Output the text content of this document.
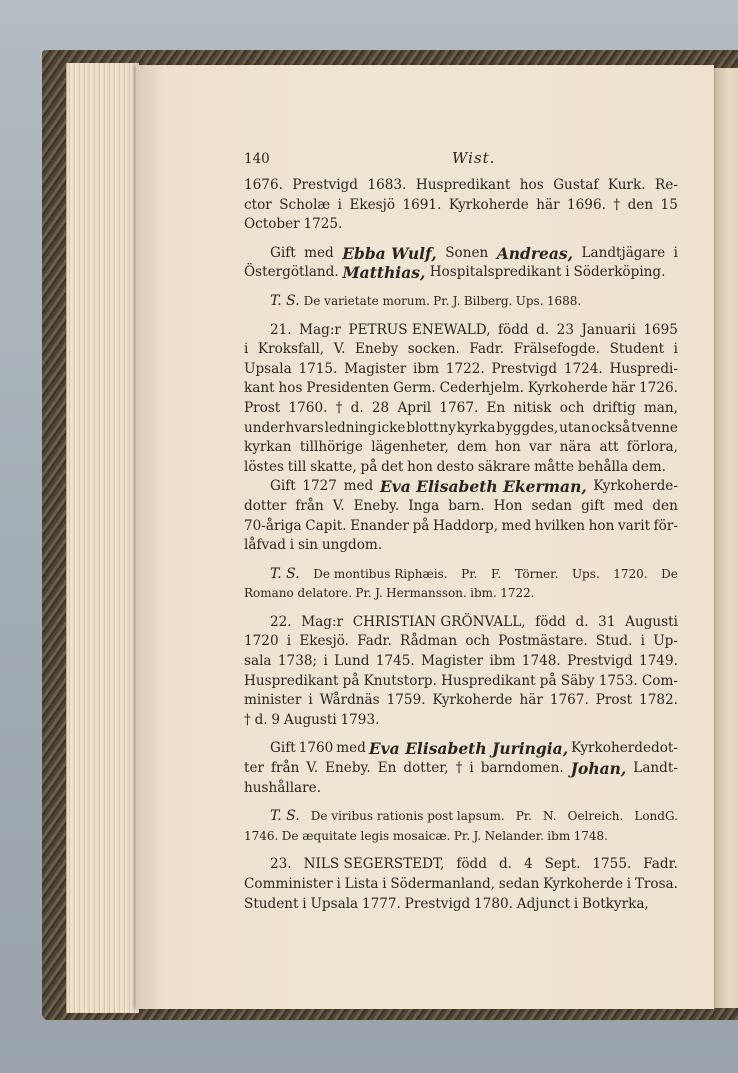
140	Wist.
1676. Prestvigd 1683. Huspredikant hos Gustaf Kurk. Re-
ctor Scholæ i Ekesjö 1691. Kyrkoherde här 1696. † den 15
October 1725.
Gift med Ebba Wulf, Sonen Andreas, Landtjägare i
Östergötland. Matthias, Hospitalspredikant i Söderköping.
T. S. De varietate morum. Pr. J. Bilberg. Ups. 1688.
21. Mag:r PETRUS ENEWALD, född d. 23 Januarii 1695
i Kroksfall, V. Eneby socken. Fadr. Frälsefogde. Student i
Upsala 1715. Magister ibm 1722. Prestvigd 1724. Huspredi-
kant hos Presidenten Germ. Cederhjelm. Kyrkoherde här 1726.
Prost 1760. † d. 28 April 1767. En nitisk och driftig man,
under hvars ledning icke blott ny kyrka byggdes, utan också tvenne
kyrkan tillhörige lägenheter, dem hon var nära att förlora,
löstes till skatte, på det hon desto säkrare måtte behålla dem.
Gift 1727 med Eva Elisabeth Ekerman, Kyrkoherde-
dotter från V. Eneby. Inga barn. Hon sedan gift med den
70-åriga Capit. Enander på Haddorp, med hvilken hon varit för-
låfvad i sin ungdom.
T. S. De montibus Riphæis. Pr. F. Törner. Ups. 1720. De
Romano delatore. Pr. J. Hermansson. ibm. 1722.
22. Mag:r CHRISTIAN GRÖNVALL, född d. 31 Augusti
1720 i Ekesjö. Fadr. Rådman och Postmästare. Stud. i Up-
sala 1738; i Lund 1745. Magister ibm 1748. Prestvigd 1749.
Huspredikant på Knutstorp. Huspredikant på Säby 1753. Com-
minister i Wårdnäs 1759. Kyrkoherde här 1767. Prost 1782.
† d. 9 Augusti 1793.
Gift 1760 med Eva Elisabeth Juringia, Kyrkoherdedot-
ter från V. Eneby. En dotter, † i barndomen. Johan, Landt-
hushållare.
T. S. De viribus rationis post lapsum. Pr. N. Oelreich. LondG.
1746. De æquitate legis mosaicæ. Pr. J. Nelander. ibm 1748.
23. NILS SEGERSTEDT, född d. 4 Sept. 1755. Fadr.
Comminister i Lista i Södermanland, sedan Kyrkoherde i Trosa.
Student i Upsala 1777. Prestvigd 1780. Adjunct i Botkyrka,
